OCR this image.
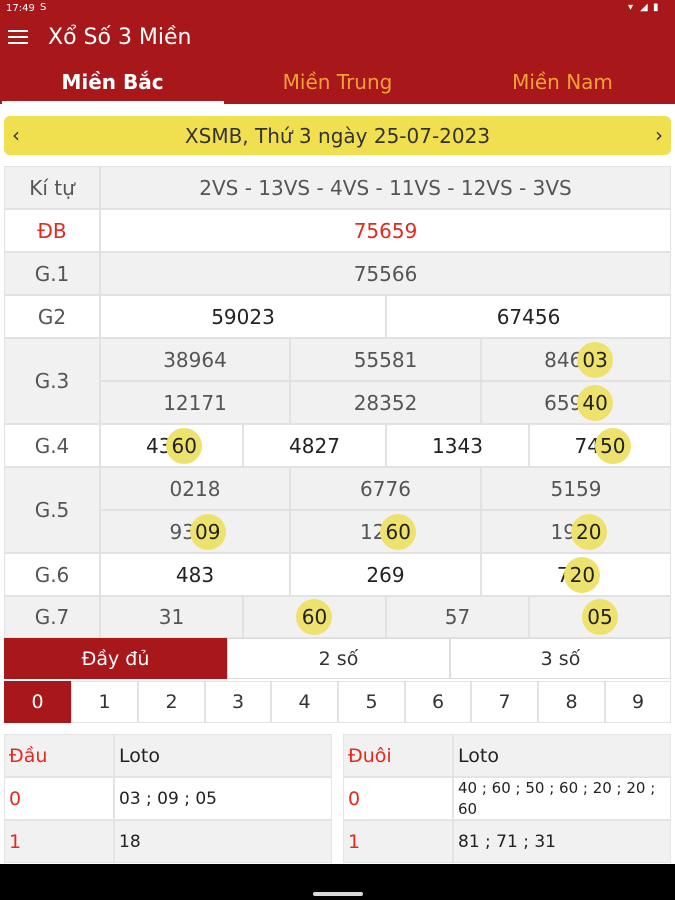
17:49 S	▾ ◢ ▮
Xổ Số 3 Miền
Miền Bắc	Miền Trung	Miền Nam
‹	XSMB, Thứ 3 ngày 25-07-2023	›
Kí tự	2VS - 13VS - 4VS - 11VS - 12VS - 3VS
ĐB	75659
G.1	75566
G2	59023	67456
G.3
38964	55581	846 03
12171	28352	659 40
G.4	43 60	4827	1343	74 50
G.5
0218	6776	5159
93 09	12 60	19 20
G.6	483	269	7 20
G.7	31	60	57	05
Đầy đủ	2 số	3 số
0	1	2	3	4	5	6	7	8	9
Đầu	Loto
0	03 ; 09 ; 05
1	18
Đuôi	Loto
0	40 ; 60 ; 50 ; 60 ; 20 ; 20 ; 60
1	81 ; 71 ; 31
